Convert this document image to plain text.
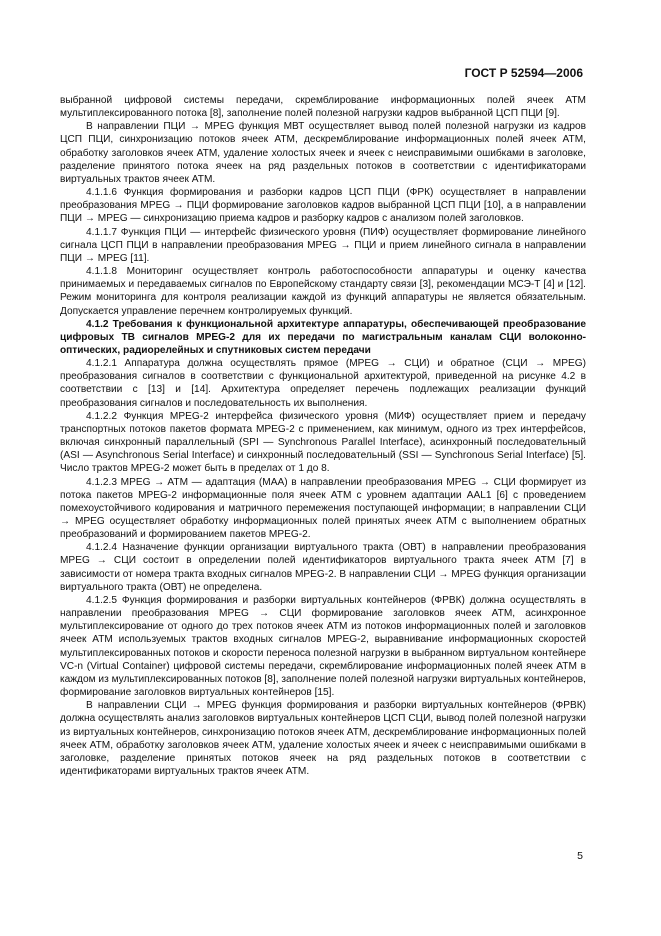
ГОСТ Р 52594—2006

выбранной цифровой системы передачи, скремблирование информационных полей ячеек ATM мультиплексированного потока [8], заполнение полей полезной нагрузки кадров выбранной ЦСП ПЦИ [9].

В направлении ПЦИ → MPEG функция МВТ осуществляет вывод полей полезной нагрузки из кадров ЦСП ПЦИ, синхронизацию потоков ячеек ATM, дескремблирование информационных полей ячеек ATM, обработку заголовков ячеек ATM, удаление холостых ячеек и ячеек с неисправимыми ошибками в заголовке, разделение принятого потока ячеек на ряд раздельных потоков в соответствии с идентификаторами виртуальных трактов ячеек ATM.

4.1.1.6 Функция формирования и разборки кадров ЦСП ПЦИ (ФРК) осуществляет в направлении преобразования MPEG → ПЦИ формирование заголовков кадров выбранной ЦСП ПЦИ [10], а в направлении ПЦИ → MPEG — синхронизацию приема кадров и разборку кадров с анализом полей заголовков.

4.1.1.7 Функция ПЦИ — интерфейс физического уровня (ПИФ) осуществляет формирование линейного сигнала ЦСП ПЦИ в направлении преобразования MPEG → ПЦИ и прием линейного сигнала в направлении ПЦИ → MPEG [11].

4.1.1.8 Мониторинг осуществляет контроль работоспособности аппаратуры и оценку качества принимаемых и передаваемых сигналов по Европейскому стандарту связи [3], рекомендации МСЭ-Т [4] и [12]. Режим мониторинга для контроля реализации каждой из функций аппаратуры не является обязательным. Допускается управление перечнем контролируемых функций.

4.1.2 Требования к функциональной архитектуре аппаратуры, обеспечивающей преобразование цифровых ТВ сигналов MPEG-2 для их передачи по магистральным каналам СЦИ волоконно-оптических, радиорелейных и спутниковых систем передачи

4.1.2.1 Аппаратура должна осуществлять прямое (MPEG → СЦИ) и обратное (СЦИ → MPEG) преобразования сигналов в соответствии с функциональной архитектурой, приведенной на рисунке 4.2 в соответствии с [13] и [14]. Архитектура определяет перечень подлежащих реализации функций преобразования сигналов и последовательность их выполнения.

4.1.2.2 Функция MPEG-2 интерфейса физического уровня (МИФ) осуществляет прием и передачу транспортных потоков пакетов формата MPEG-2 с применением, как минимум, одного из трех интерфейсов, включая синхронный параллельный (SPI — Synchronous Parallel Interface), асинхронный последовательный (ASI — Asynchronous Serial Interface) и синхронный последовательный (SSI — Synchronous Serial Interface) [5]. Число трактов MPEG-2 может быть в пределах от 1 до 8.

4.1.2.3 MPEG → ATM — адаптация (МАА) в направлении преобразования MPEG → СЦИ формирует из потока пакетов MPEG-2 информационные поля ячеек ATM с уровнем адаптации AAL1 [6] с проведением помехоустойчивого кодирования и матричного перемежения поступающей информации; в направлении СЦИ → MPEG осуществляет обработку информационных полей принятых ячеек ATM с выполнением обратных преобразований и формированием пакетов MPEG-2.

4.1.2.4 Назначение функции организации виртуального тракта (ОВТ) в направлении преобразования MPEG → СЦИ состоит в определении полей идентификаторов виртуального тракта ячеек ATM [7] в зависимости от номера тракта входных сигналов MPEG-2. В направлении СЦИ → MPEG функция организации виртуального тракта (ОВТ) не определена.

4.1.2.5 Функция формирования и разборки виртуальных контейнеров (ФРВК) должна осуществлять в направлении преобразования MPEG → СЦИ формирование заголовков ячеек ATM, асинхронное мультиплексирование от одного до трех потоков ячеек ATM из потоков информационных полей и заголовков ячеек ATM используемых трактов входных сигналов MPEG-2, выравнивание информационных скоростей мультиплексированных потоков и скорости переноса полезной нагрузки в выбранном виртуальном контейнере VC-n (Virtual Container) цифровой системы передачи, скремблирование информационных полей ячеек ATM в каждом из мультиплексированных потоков [8], заполнение полей полезной нагрузки виртуальных контейнеров, формирование заголовков виртуальных контейнеров [15].

В направлении СЦИ → MPEG функция формирования и разборки виртуальных контейнеров (ФРВК) должна осуществлять анализ заголовков виртуальных контейнеров ЦСП СЦИ, вывод полей полезной нагрузки из виртуальных контейнеров, синхронизацию потоков ячеек ATM, дескремблирование информационных полей ячеек ATM, обработку заголовков ячеек ATM, удаление холостых ячеек и ячеек с неисправимыми ошибками в заголовке, разделение принятых потоков ячеек на ряд раздельных потоков в соответствии с идентификаторами виртуальных трактов ячеек ATM.

5
